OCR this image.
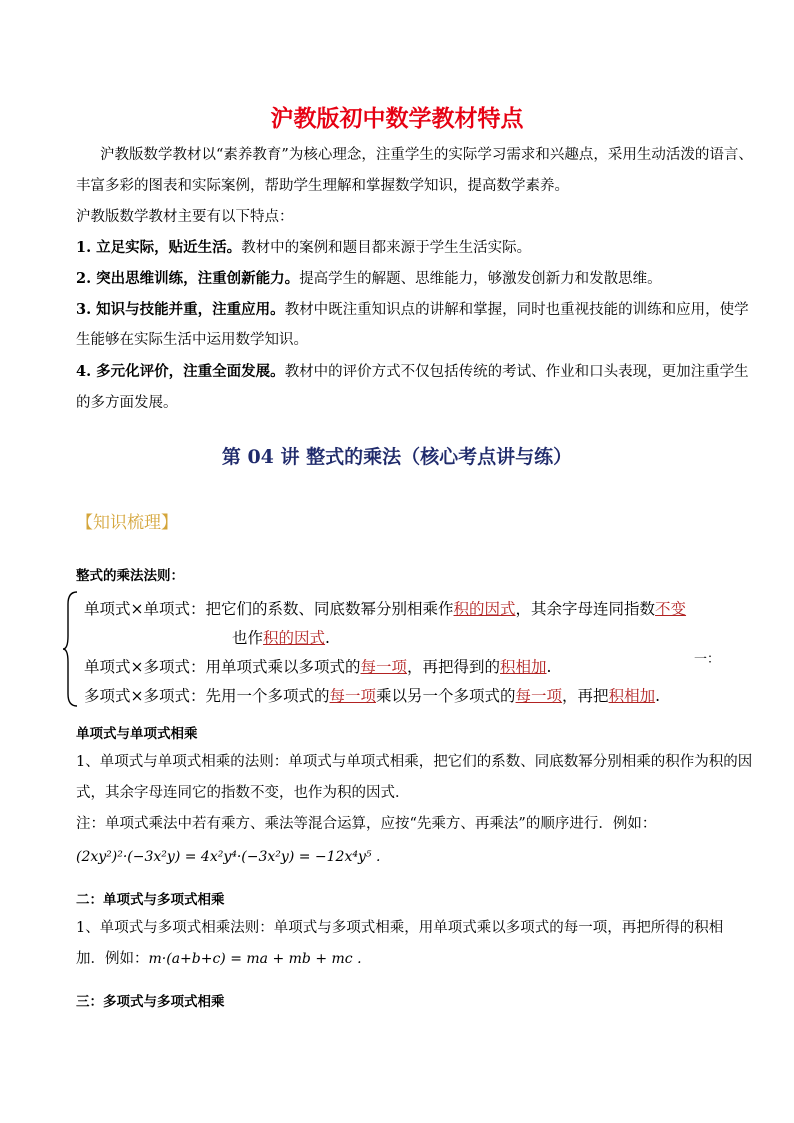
沪教版初中数学教材特点
沪教版数学教材以“素养教育”为核心理念，注重学生的实际学习需求和兴趣点，采用生动活泼的语言、
丰富多彩的图表和实际案例，帮助学生理解和掌握数学知识，提高数学素养。
沪教版数学教材主要有以下特点：
1. 立足实际，贴近生活。教材中的案例和题目都来源于学生生活实际。
2. 突出思维训练，注重创新能力。提高学生的解题、思维能力，够激发创新力和发散思维。
3. 知识与技能并重，注重应用。教材中既注重知识点的讲解和掌握，同时也重视技能的训练和应用，使学
生能够在实际生活中运用数学知识。
4. 多元化评价，注重全面发展。教材中的评价方式不仅包括传统的考试、作业和口头表现，更加注重学生
的多方面发展。
第 04 讲 整式的乘法（核心考点讲与练）
【知识梳理】
整式的乘法法则：
单项式×单项式：把它们的系数、同底数幂分别相乘作积的因式，其余字母连同指数不变
也作积的因式.
单项式×多项式：用单项式乘以多项式的每一项，再把得到的积相加.
多项式×多项式：先用一个多项式的每一项乘以另一个多项式的每一项，再把积相加.
一：
单项式与单项式相乘
1、单项式与单项式相乘的法则：单项式与单项式相乘，把它们的系数、同底数幂分别相乘的积作为积的因
式，其余字母连同它的指数不变，也作为积的因式．
注：单项式乘法中若有乘方、乘法等混合运算，应按“先乘方、再乘法”的顺序进行．例如：
(2xy²)²·(−3x²y) = 4x²y⁴·(−3x²y) = −12x⁴y⁵ .
二：单项式与多项式相乘
1、单项式与多项式相乘法则：单项式与多项式相乘，用单项式乘以多项式的每一项，再把所得的积相
加．例如：m·(a+b+c) = ma + mb + mc .
三：多项式与多项式相乘
